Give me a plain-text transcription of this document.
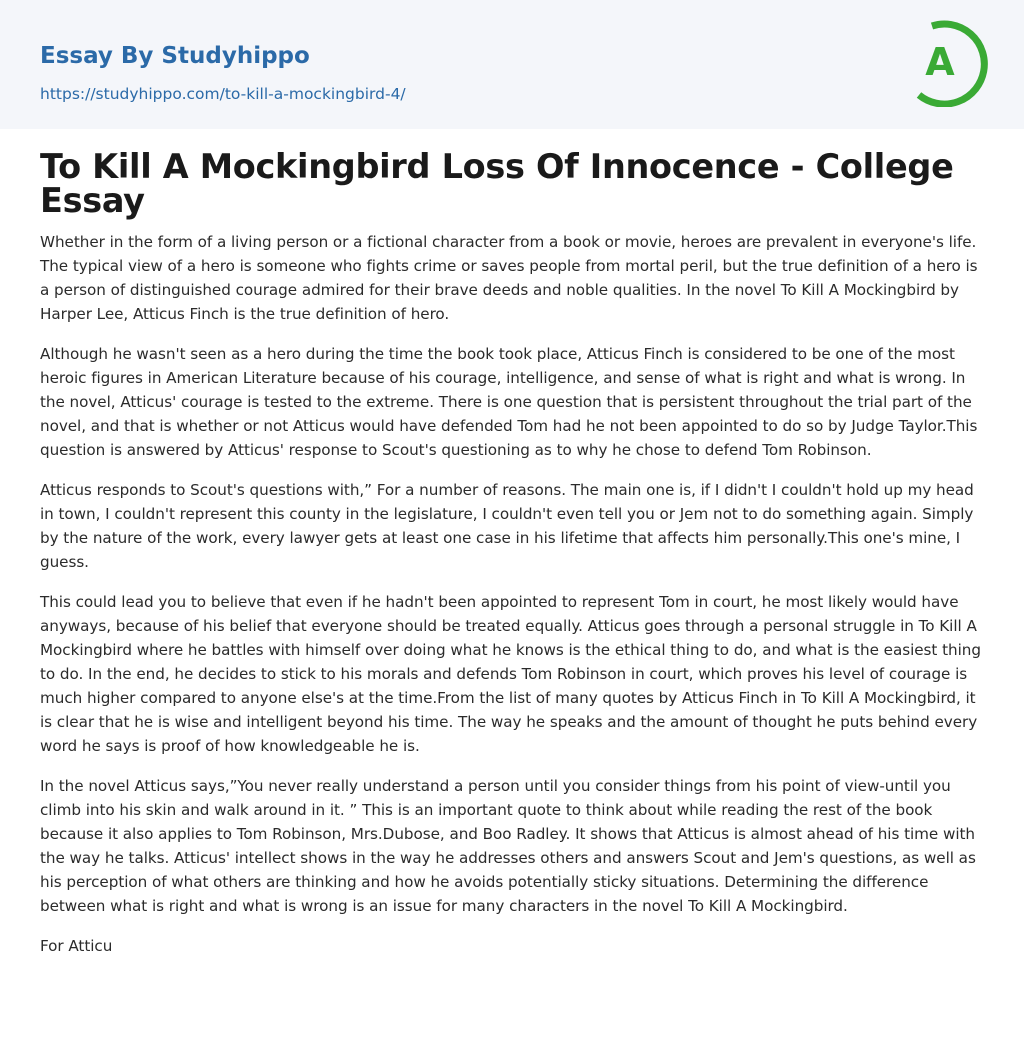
Essay By Studyhippo
https://studyhippo.com/to-kill-a-mockingbird-4/
A
To Kill A Mockingbird Loss Of Innocence - College Essay

Whether in the form of a living person or a fictional character from a book or movie, heroes are prevalent in everyone's life. The typical view of a hero is someone who fights crime or saves people from mortal peril, but the true definition of a hero is a person of distinguished courage admired for their brave deeds and noble qualities. In the novel To Kill A Mockingbird by Harper Lee, Atticus Finch is the true definition of hero.

Although he wasn't seen as a hero during the time the book took place, Atticus Finch is considered to be one of the most heroic figures in American Literature because of his courage, intelligence, and sense of what is right and what is wrong. In the novel, Atticus' courage is tested to the extreme. There is one question that is persistent throughout the trial part of the novel, and that is whether or not Atticus would have defended Tom had he not been appointed to do so by Judge Taylor.This question is answered by Atticus' response to Scout's questioning as to why he chose to defend Tom Robinson.

Atticus responds to Scout's questions with,” For a number of reasons. The main one is, if I didn't I couldn't hold up my head in town, I couldn't represent this county in the legislature, I couldn't even tell you or Jem not to do something again. Simply by the nature of the work, every lawyer gets at least one case in his lifetime that affects him personally.This one's mine, I guess.

This could lead you to believe that even if he hadn't been appointed to represent Tom in court, he most likely would have anyways, because of his belief that everyone should be treated equally. Atticus goes through a personal struggle in To Kill A Mockingbird where he battles with himself over doing what he knows is the ethical thing to do, and what is the easiest thing to do. In the end, he decides to stick to his morals and defends Tom Robinson in court, which proves his level of courage is much higher compared to anyone else's at the time.From the list of many quotes by Atticus Finch in To Kill A Mockingbird, it is clear that he is wise and intelligent beyond his time. The way he speaks and the amount of thought he puts behind every word he says is proof of how knowledgeable he is.

In the novel Atticus says,”You never really understand a person until you consider things from his point of view-until you climb into his skin and walk around in it. ” This is an important quote to think about while reading the rest of the book because it also applies to Tom Robinson, Mrs.Dubose, and Boo Radley. It shows that Atticus is almost ahead of his time with the way he talks. Atticus' intellect shows in the way he addresses others and answers Scout and Jem's questions, as well as his perception of what others are thinking and how he avoids potentially sticky situations. Determining the difference between what is right and what is wrong is an issue for many characters in the novel To Kill A Mockingbird.

For Atticu
